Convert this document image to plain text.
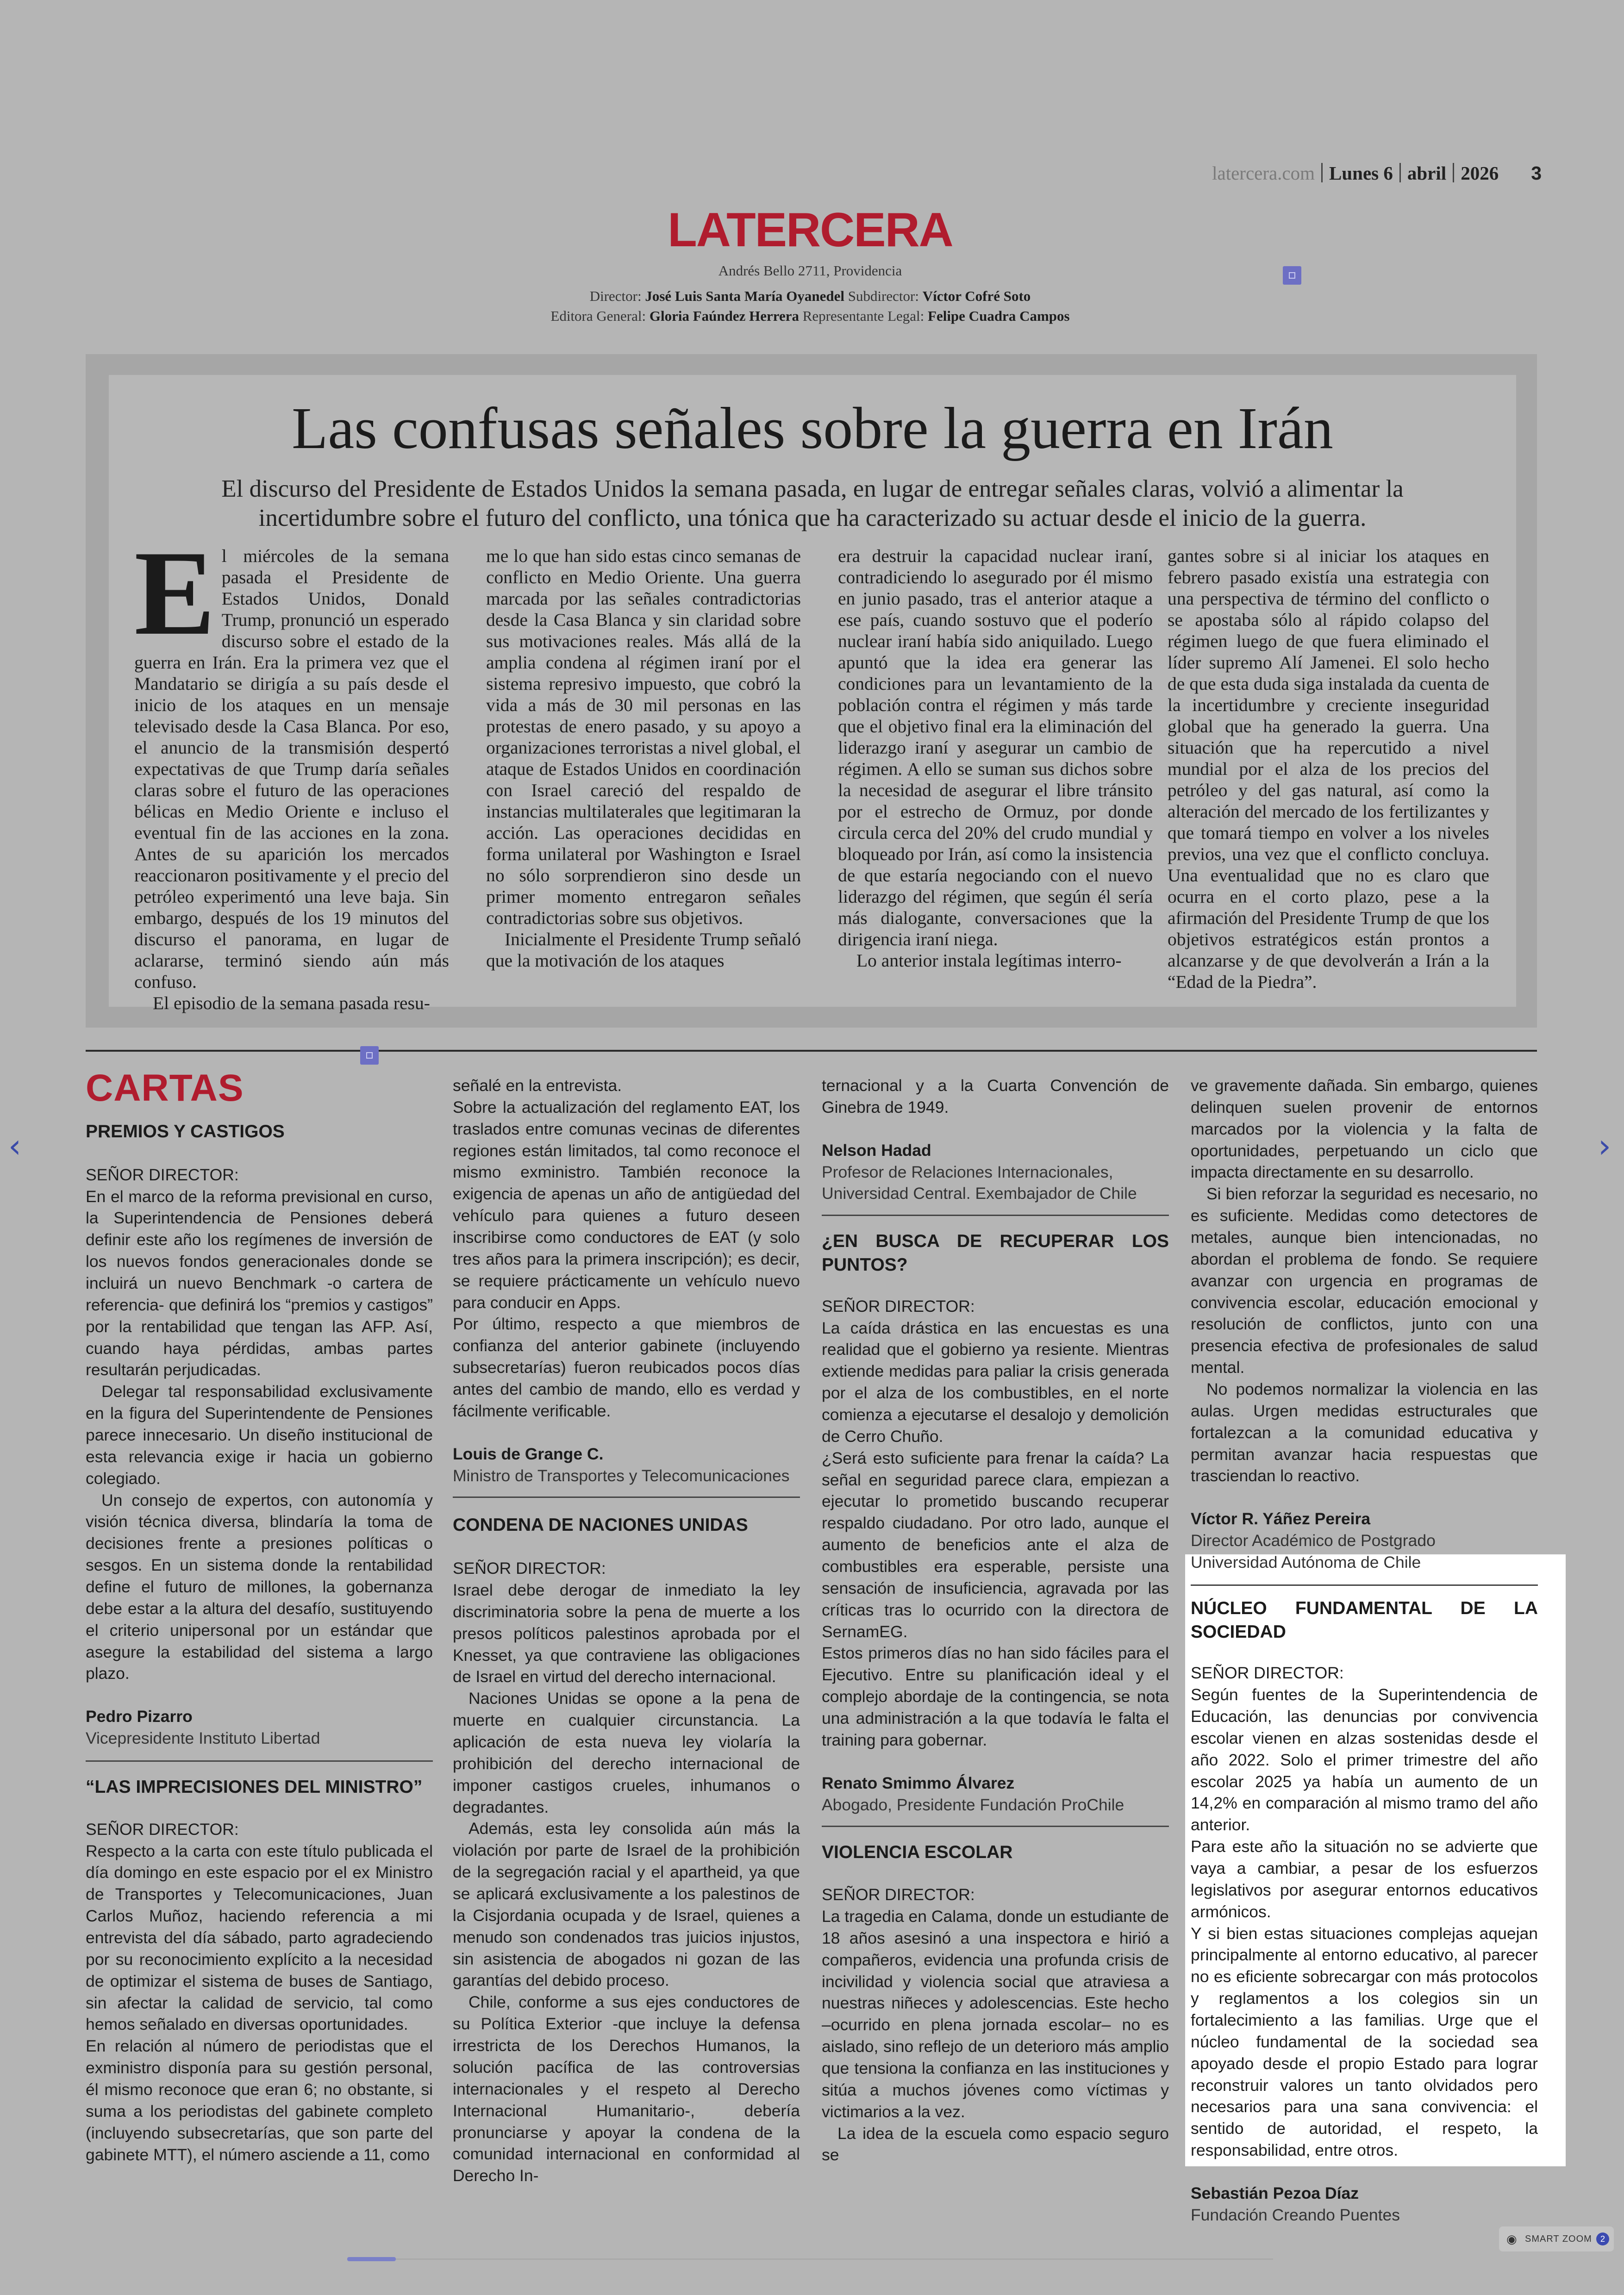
latercera.com Lunes 6 abril 2026 3
LATERCERA
Andrés Bello 2711, Providencia
Director: José Luis Santa María Oyanedel Subdirector: Víctor Cofré Soto
Editora General: Gloria Faúndez Herrera Representante Legal: Felipe Cuadra Campos
Las confusas señales sobre la guerra en Irán
El discurso del Presidente de Estados Unidos la semana pasada, en lugar de entregar señales claras, volvió a alimentar la incertidumbre sobre el futuro del conflicto, una tónica que ha caracterizado su actuar desde el inicio de la guerra.
E l miércoles de la semana pasada el Presidente de Estados Unidos, Donald Trump, pronunció un esperado discurso sobre el estado de la guerra en Irán. Era la primera vez que el Mandatario se dirigía a su país desde el inicio de los ataques en un mensaje televisado desde la Casa Blanca. Por eso, el anuncio de la transmisión despertó expectativas de que Trump daría señales claras sobre el futuro de las operaciones bélicas en Medio Oriente e incluso el eventual fin de las acciones en la zona. Antes de su aparición los mercados reaccionaron positivamente y el precio del petróleo experimentó una leve baja. Sin embargo, después de los 19 minutos del discurso el panorama, en lugar de aclararse, terminó siendo aún más confuso.

El episodio de la semana pasada resu-

me lo que han sido estas cinco semanas de conflicto en Medio Oriente. Una guerra marcada por las señales contradictorias desde la Casa Blanca y sin claridad sobre sus motivaciones reales. Más allá de la amplia condena al régimen iraní por el sistema represivo impuesto, que cobró la vida a más de 30 mil personas en las protestas de enero pasado, y su apoyo a organizaciones terroristas a nivel global, el ataque de Estados Unidos en coordinación con Israel careció del respaldo de instancias multilaterales que legitimaran la acción. Las operaciones decididas en forma unilateral por Washington e Israel no sólo sorprendieron sino desde un primer momento entregaron señales contradictorias sobre sus objetivos.

Inicialmente el Presidente Trump señaló que la motivación de los ataques

era destruir la capacidad nuclear iraní, contradiciendo lo asegurado por él mismo en junio pasado, tras el anterior ataque a ese país, cuando sostuvo que el poderío nuclear iraní había sido aniquilado. Luego apuntó que la idea era generar las condiciones para un levantamiento de la población contra el régimen y más tarde que el objetivo final era la eliminación del liderazgo iraní y asegurar un cambio de régimen. A ello se suman sus dichos sobre la necesidad de asegurar el libre tránsito por el estrecho de Ormuz, por donde circula cerca del 20% del crudo mundial y bloqueado por Irán, así como la insistencia de que estaría negociando con el nuevo liderazgo del régimen, que según él sería más dialogante, conversaciones que la dirigencia iraní niega.

Lo anterior instala legítimas interro-

gantes sobre si al iniciar los ataques en febrero pasado existía una estrategia con una perspectiva de término del conflicto o se apostaba sólo al rápido colapso del régimen luego de que fuera eliminado el líder supremo Alí Jamenei. El solo hecho de que esta duda siga instalada da cuenta de la incertidumbre y creciente inseguridad global que ha generado la guerra. Una situación que ha repercutido a nivel mundial por el alza de los precios del petróleo y del gas natural, así como la alteración del mercado de los fertilizantes y que tomará tiempo en volver a los niveles previos, una vez que el conflicto concluya. Una eventualidad que no es claro que ocurra en el corto plazo, pese a la afirmación del Presidente Trump de que los objetivos estratégicos están prontos a alcanzarse y de que devolverán a Irán a la “Edad de la Piedra”.

CARTAS
PREMIOS Y CASTIGOS
SEÑOR DIRECTOR:

En el marco de la reforma previsional en curso, la Superintendencia de Pensiones deberá definir este año los regímenes de inversión de los nuevos fondos generacionales donde se incluirá un nuevo Benchmark -o cartera de referencia- que definirá los “premios y castigos” por la rentabilidad que tengan las AFP. Así, cuando haya pérdidas, ambas partes resultarán perjudicadas.

Delegar tal responsabilidad exclusivamente en la figura del Superintendente de Pensiones parece innecesario. Un diseño institucional de esta relevancia exige ir hacia un gobierno colegiado.

Un consejo de expertos, con autonomía y visión técnica diversa, blindaría la toma de decisiones frente a presiones políticas o sesgos. En un sistema donde la rentabilidad define el futuro de millones, la gobernanza debe estar a la altura del desafío, sustituyendo el criterio unipersonal por un estándar que asegure la estabilidad del sistema a largo plazo.

Pedro Pizarro
Vicepresidente Instituto Libertad
“LAS IMPRECISIONES DEL MINISTRO”
SEÑOR DIRECTOR:

Respecto a la carta con este título publicada el día domingo en este espacio por el ex Ministro de Transportes y Telecomunicaciones, Juan Carlos Muñoz, haciendo referencia a mi entrevista del día sábado, parto agradeciendo por su reconocimiento explícito a la necesidad de optimizar el sistema de buses de Santiago, sin afectar la calidad de servicio, tal como hemos señalado en diversas oportunidades.

En relación al número de periodistas que el exministro disponía para su gestión personal, él mismo reconoce que eran 6; no obstante, si suma a los periodistas del gabinete completo (incluyendo subsecretarías, que son parte del gabinete MTT), el número asciende a 11, como

señalé en la entrevista.

Sobre la actualización del reglamento EAT, los traslados entre comunas vecinas de diferentes regiones están limitados, tal como reconoce el mismo exministro. También reconoce la exigencia de apenas un año de antigüedad del vehículo para quienes a futuro deseen inscribirse como conductores de EAT (y solo tres años para la primera inscripción); es decir, se requiere prácticamente un vehículo nuevo para conducir en Apps.

Por último, respecto a que miembros de confianza del anterior gabinete (incluyendo subsecretarías) fueron reubicados pocos días antes del cambio de mando, ello es verdad y fácilmente verificable.

Louis de Grange C.
Ministro de Transportes y Telecomunicaciones
CONDENA DE NACIONES UNIDAS
SEÑOR DIRECTOR:

Israel debe derogar de inmediato la ley discriminatoria sobre la pena de muerte a los presos políticos palestinos aprobada por el Knesset, ya que contraviene las obligaciones de Israel en virtud del derecho internacional.

Naciones Unidas se opone a la pena de muerte en cualquier circunstancia. La aplicación de esta nueva ley violaría la prohibición del derecho internacional de imponer castigos crueles, inhumanos o degradantes.

Además, esta ley consolida aún más la violación por parte de Israel de la prohibición de la segregación racial y el apartheid, ya que se aplicará exclusivamente a los palestinos de la Cisjordania ocupada y de Israel, quienes a menudo son condenados tras juicios injustos, sin asistencia de abogados ni gozan de las garantías del debido proceso.

Chile, conforme a sus ejes conductores de su Política Exterior -que incluye la defensa irrestricta de los Derechos Humanos, la solución pacífica de las controversias internacionales y el respeto al Derecho Internacional Humanitario-, debería pronunciarse y apoyar la condena de la comunidad internacional en conformidad al Derecho In-

ternacional y a la Cuarta Convención de Ginebra de 1949.

Nelson Hadad
Profesor de Relaciones Internacionales,
Universidad Central. Exembajador de Chile
¿EN BUSCA DE RECUPERAR LOS PUNTOS?
SEÑOR DIRECTOR:

La caída drástica en las encuestas es una realidad que el gobierno ya resiente. Mientras extiende medidas para paliar la crisis generada por el alza de los combustibles, en el norte comienza a ejecutarse el desalojo y demolición de Cerro Chuño.

¿Será esto suficiente para frenar la caída? La señal en seguridad parece clara, empiezan a ejecutar lo prometido buscando recuperar respaldo ciudadano. Por otro lado, aunque el aumento de beneficios ante el alza de combustibles era esperable, persiste una sensación de insuficiencia, agravada por las críticas tras lo ocurrido con la directora de SernamEG.

Estos primeros días no han sido fáciles para el Ejecutivo. Entre su planificación ideal y el complejo abordaje de la contingencia, se nota una administración a la que todavía le falta el training para gobernar.

Renato Smimmo Álvarez
Abogado, Presidente Fundación ProChile
VIOLENCIA ESCOLAR
SEÑOR DIRECTOR:

La tragedia en Calama, donde un estudiante de 18 años asesinó a una inspectora e hirió a compañeros, evidencia una profunda crisis de incivilidad y violencia social que atraviesa a nuestras niñeces y adolescencias. Este hecho –ocurrido en plena jornada escolar– no es aislado, sino reflejo de un deterioro más amplio que tensiona la confianza en las instituciones y sitúa a muchos jóvenes como víctimas y victimarios a la vez.

La idea de la escuela como espacio seguro se

ve gravemente dañada. Sin embargo, quienes delinquen suelen provenir de entornos marcados por la violencia y la falta de oportunidades, perpetuando un ciclo que impacta directamente en su desarrollo.

Si bien reforzar la seguridad es necesario, no es suficiente. Medidas como detectores de metales, aunque bien intencionadas, no abordan el problema de fondo. Se requiere avanzar con urgencia en programas de convivencia escolar, educación emocional y resolución de conflictos, junto con una presencia efectiva de profesionales de salud mental.

No podemos normalizar la violencia en las aulas. Urgen medidas estructurales que fortalezcan a la comunidad educativa y permitan avanzar hacia respuestas que trasciendan lo reactivo.

Víctor R. Yáñez Pereira
Director Académico de Postgrado
Universidad Autónoma de Chile
NÚCLEO FUNDAMENTAL DE LA SOCIEDAD
SEÑOR DIRECTOR:

Según fuentes de la Superintendencia de Educación, las denuncias por convivencia escolar vienen en alzas sostenidas desde el año 2022. Solo el primer trimestre del año escolar 2025 ya había un aumento de un 14,2% en comparación al mismo tramo del año anterior.

Para este año la situación no se advierte que vaya a cambiar, a pesar de los esfuerzos legislativos por asegurar entornos educativos armónicos.

Y si bien estas situaciones complejas aquejan principalmente al entorno educativo, al parecer no es eficiente sobrecargar con más protocolos y reglamentos a los colegios sin un fortalecimiento a las familias. Urge que el núcleo fundamental de la sociedad sea apoyado desde el propio Estado para lograr reconstruir valores un tanto olvidados pero necesarios para una sana convivencia: el sentido de autoridad, el respeto, la responsabilidad, entre otros.

Sebastián Pezoa Díaz
Fundación Creando Puentes
‹	›
◉ SMART ZOOM	2
